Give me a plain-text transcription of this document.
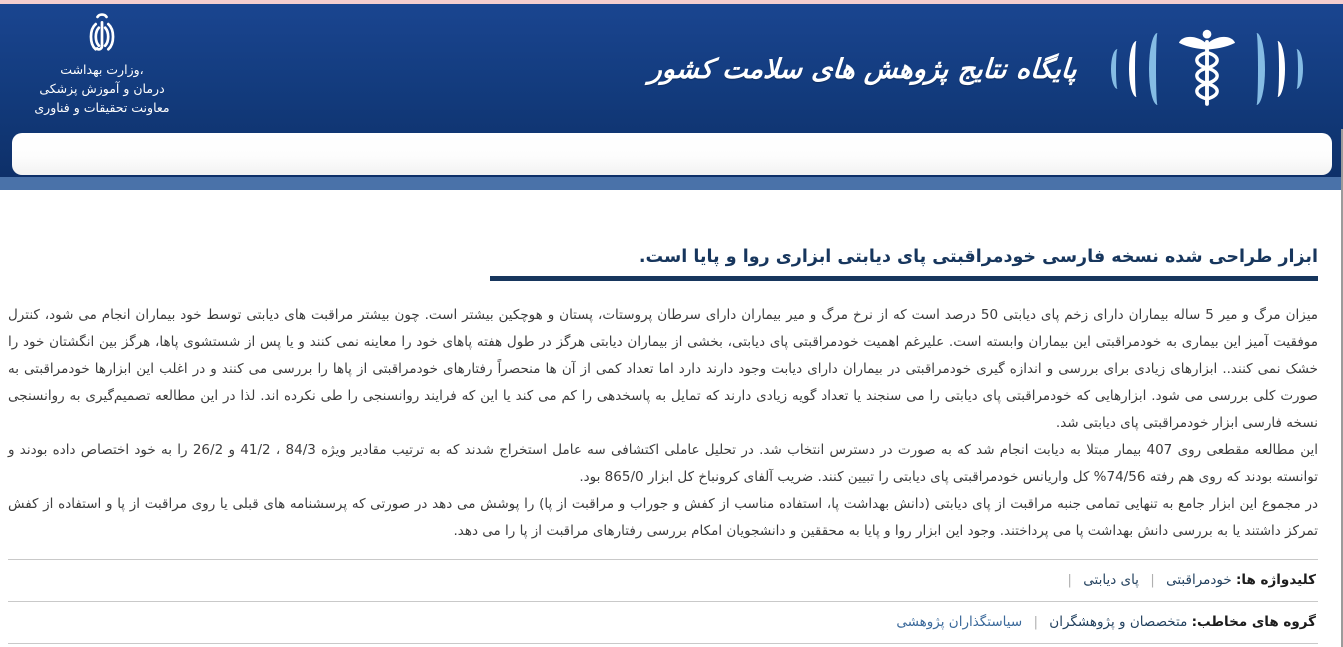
وزارت بهداشت،
درمان و آموزش پزشکی
معاونت تحقیقات و فناوری
پایگاه نتایج پژوهش های سلامت کشور
ابزار طراحی شده نسخه فارسی خودمراقبتی پای دیابتی ابزاری روا و پایا است.

میزان مرگ و میر 5 ساله بیماران دارای زخم پای دیابتی 50 درصد است که از نرخ مرگ و میر بیماران دارای سرطان پروستات، پستان و هوچکین بیشتر است. چون بیشتر مراقبت های دیابتی توسط خود بیماران انجام می شود، کنترل موفقیت آمیز این بیماری به خودمراقبتی این بیماران وابسته است. علیرغم اهمیت خودمراقبتی پای دیابتی، بخشی از بیماران دیابتی هرگز در طول هفته پاهای خود را معاینه نمی کنند و یا پس از شستشوی پاها، هرگز بین انگشتان خود را خشک نمی کنند.. ابزارهای زیادی برای بررسی و اندازه گیری خودمراقبتی در بیماران دارای دیابت وجود دارند دارد اما تعداد کمی از آن ها منحصراً رفتارهای خودمراقبتی از پاها را بررسی می کنند و در اغلب این ابزارها خودمراقبتی به صورت کلی بررسی می شود. ابزارهایی که خودمراقبتی پای دیابتی را می سنجند یا تعداد گویه زیادی دارند که تمایل به پاسخدهی را کم می کند یا این که فرایند روانسنجی را طی نکرده اند. لذا در این مطالعه تصمیم‌گیری به روانسنجی نسخه فارسی ابزار خودمراقبتی پای دیابتی شد.

این مطالعه مقطعی روی 407 بیمار مبتلا به دیابت انجام شد که به صورت در دسترس انتخاب شد. در تحلیل عاملی اکتشافی سه عامل استخراج شدند که به ترتیب مقادیر ویژه 84/3 ، 41/2 و 26/2 را به خود اختصاص داده بودند و توانسته بودند که روی هم رفته 74/56% کل واریانس خودمراقبتی پای دیابتی را تبیین کنند. ضریب آلفای کرونباخ کل ابزار 865/0 بود.

در مجموع این ابزار جامع به تنهایی تمامی جنبه مراقبت از پای دیابتی (دانش بهداشت پا، استفاده مناسب از کفش و جوراب و مراقبت از پا) را پوشش می دهد در صورتی که پرسشنامه های قبلی یا روی مراقبت از پا و استفاده از کفش تمرکز داشتند یا به بررسی دانش بهداشت پا می پرداختند. وجود این ابزار روا و پایا به محققین و دانشجویان امکام بررسی رفتارهای مراقبت از پا را می دهد.

کلیدواژه ها: خودمراقبتی | پای دیابتی |
گروه های مخاطب: متخصصان و پژوهشگران | سیاستگذاران پژوهشی
